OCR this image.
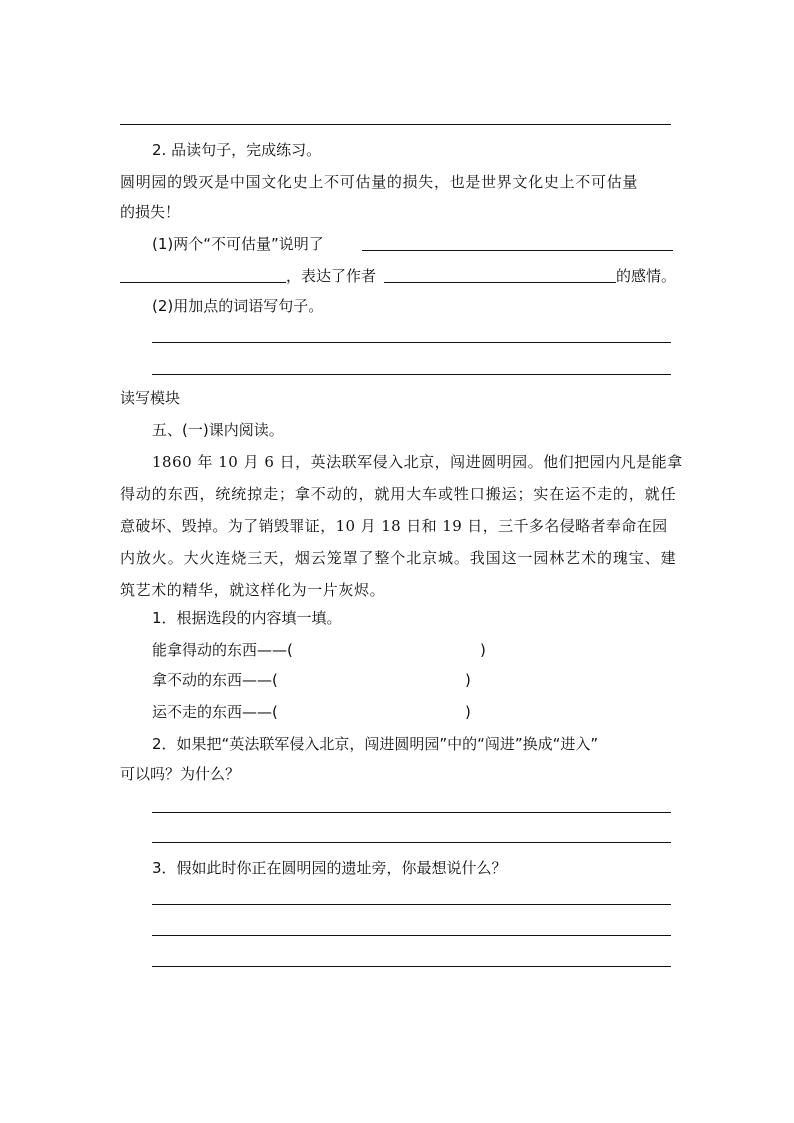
2. 品读句子，完成练习。
圆明园的毁灭是中国文化史上不可估量的损失，也是世界文化史上不可估量
的损失！
(1)两个“不可估量”说明了
，表达了作者	的感情。
(2)用加点的词语写句子。
读写模块
五、(一)课内阅读。
1860 年 10 月 6 日，英法联军侵入北京，闯进圆明园。他们把园内凡是能拿
得动的东西，统统掠走；拿不动的，就用大车或牲口搬运；实在运不走的，就任
意破坏、毁掉。为了销毁罪证，10 月 18 日和 19 日，三千多名侵略者奉命在园
内放火。大火连烧三天，烟云笼罩了整个北京城。我国这一园林艺术的瑰宝、建
筑艺术的精华，就这样化为一片灰烬。
1．根据选段的内容填一填。
能拿得动的东西——(	)
拿不动的东西——(	)
运不走的东西——(	)
2．如果把“英法联军侵入北京，闯进圆明园”中的“闯进”换成“进入”
可以吗？为什么？
3．假如此时你正在圆明园的遗址旁，你最想说什么？
